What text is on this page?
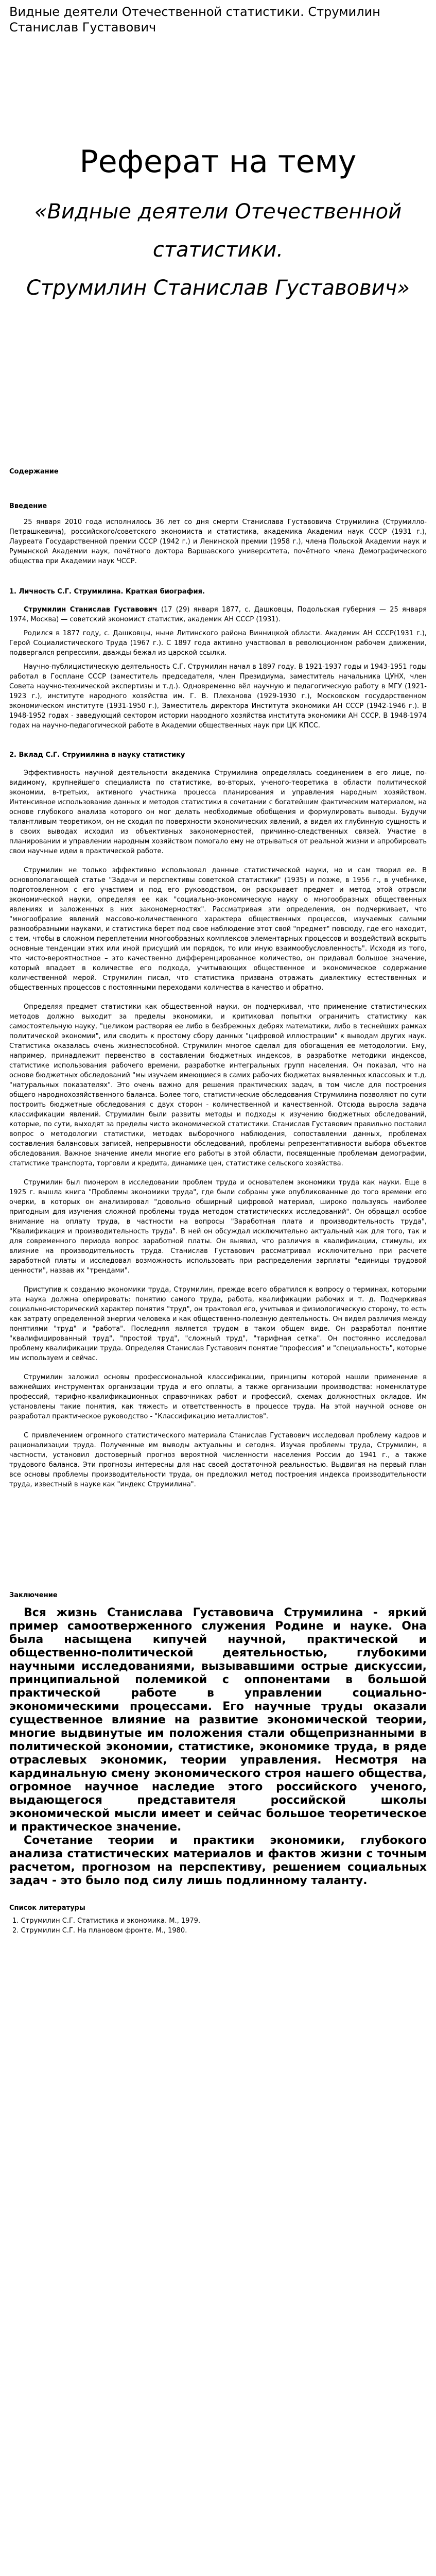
Видные деятели Отечественной статистики. Струмилин Станислав Густавович
Реферат на тему

«Видные деятели Отечественной статистики.

Струмилин Станислав Густавович»

Содержание

Введение

25 января 2010 года исполнилось 36 лет со дня смерти Станислава Густавовича Струмилина (Струмилло-Петрашкевича), российского/советского экономиста и статистика, академика Академии наук СССР (1931 г.), Лауреата Государственной премии СССР (1942 г.) и Ленинской премии (1958 г.), члена Польской Академии наук и Румынской Академии наук, почётного доктора Варшавского университета, почётного члена Демографического общества при Академии наук ЧССР.

1. Личность С.Г. Струмилина. Краткая биография.

Струмилин Станислав Густавович (17 (29) января 1877, с. Дашковцы, Подольская губерния — 25 января 1974, Москва) — советский экономист статистик, академик АН СССР (1931).

Родился в 1877 году, с. Дашковцы, ныне Литинского района Винницкой области. Академик АН СССР(1931 г.), Герой Социалистического Труда (1967 г.). С 1897 года активно участвовал в революционном рабочем движении, подвергался репрессиям, дважды бежал из царской ссылки.

Научно-публицистическую деятельность С.Г. Струмилин начал в 1897 году. В 1921-1937 годы и 1943-1951 годы работал в Госплане СССР (заместитель председателя, член Президиума, заместитель начальника ЦУНХ, член Совета научно-технической экспертизы и т.д.). Одновременно вёл научную и педагогическую работу в МГУ (1921-1923 г.), институте народного хозяйства им. Г. В. Плеханова (1929-1930 г.), Московском государственном экономическом институте (1931-1950 г.), Заместитель директора Института экономики АН СССР (1942-1946 г.). В 1948-1952 годах - заведующий сектором истории народного хозяйства института экономики АН СССР. В 1948-1974 годах на научно-педагогической работе в Академии общественных наук при ЦК КПСС.

2. Вклад С.Г. Струмилина в науку статистику

Эффективность научной деятельности академика Струмилина определялась соединением в его лице, по-видимому, крупнейшего специалиста по статистике, во-вторых, ученого-теоретика в области политической экономии, в-третьих, активного участника процесса планирования и управления народным хозяйством. Интенсивное использование данных и методов статистики в сочетании с богатейшим фактическим материалом, на основе глубокого анализа которого он мог делать необходимые обобщения и формулировать выводы. Будучи талантливым теоретиком, он не сходил по поверхности экономических явлений, а видел их глубинную сущность и в своих выводах исходил из объективных закономерностей, причинно-следственных связей. Участие в планировании и управлении народным хозяйством помогало ему не отрываться от реальной жизни и апробировать свои научные идеи в практической работе.

Струмилин не только эффективно использовал данные статистической науки, но и сам творил ее. В основополагающей статье "Задачи и перспективы советской статистики" (1935) и позже, в 1956 г., в учебнике, подготовленном с его участием и под его руководством, он раскрывает предмет и метод этой отрасли экономической науки, определяя ее как "социально-экономическую науку о многообразных общественных явлениях и заложенных в них закономерностях". Рассматривая эти определения, он подчеркивает, что "многообразие явлений массово-количественного характера общественных процессов, изучаемых самыми разнообразными науками, и статистика берет под свое наблюдение этот свой "предмет" повсюду, где его находит, с тем, чтобы в сложном переплетении многообразных комплексов элементарных процессов и воздействий вскрыть основные тенденции этих или иной присущий им порядок, то или иную взаимообусловленность". Исходя из того, что чисто-вероятностное – это качественно дифференцированное количество, он придавал большое значение, который впадает в количестве его подхода, учитывающих общественное и экономическое содержание количественной мерой. Струмилин писал, что статистика призвана отражать диалектику естественных и общественных процессов с постоянными переходами количества в качество и обратно.

Определяя предмет статистики как общественной науки, он подчеркивал, что применение статистических методов должно выходит за пределы экономики, и критиковал попытки ограничить статистику как самостоятельную науку, "целиком растворяя ее либо в безбрежных дебрях математики, либо в теснейших рамках политической экономии", или сводить к простому сбору данных "цифровой иллюстрации" к выводам других наук. Статистика оказалась очень жизнеспособной. Струмилин многое сделал для обогащения ее методологии. Ему, например, принадлежит первенство в составлении бюджетных индексов, в разработке методики индексов, статистике использования рабочего времени, разработке интегральных групп населения. Он показал, что на основе бюджетных обследований "мы изучаем имеющиеся в самих рабочих бюджетах выявленных классовых и т.д. "натуральных показателях". Это очень важно для решения практических задач, в том числе для построения общего народнохозяйственного баланса. Более того, статистические обследования Струмилина позволяют по сути построить бюджетные обследования с двух сторон - количественной и качественной. Отсюда выросла задача классификации явлений. Струмилин были развиты методы и подходы к изучению бюджетных обследований, которые, по сути, выходят за пределы чисто экономической статистики. Станислав Густавович правильно поставил вопрос о методологии статистики, методах выборочного наблюдения, сопоставлении данных, проблемах составления балансовых записей, непрерывности обследований, проблемы репрезентативности выбора объектов обследования. Важное значение имели многие его работы в этой области, посвященные проблемам демографии, статистике транспорта, торговли и кредита, динамике цен, статистике сельского хозяйства.

Струмилин был пионером в исследовании проблем труда и основателем экономики труда как науки. Еще в 1925 г. вышла книга "Проблемы экономики труда", где были собраны уже опубликованные до того времени его очерки, в которых он анализировал "довольно обширный цифровой материал, широко пользуясь наиболее пригодным для изучения сложной проблемы труда методом статистических исследований". Он обращал особое внимание на оплату труда, в частности на вопросы "Заработная плата и производительность труда", "Квалификация и производительность труда". В ней он обсуждал исключительно актуальный как для того, так и для современного периода вопрос заработной платы. Он выявил, что различия в квалификации, стимулы, их влияние на производительность труда. Станислав Густавович рассматривал исключительно при расчете заработной платы и исследовал возможность использовать при распределении зарплаты "единицы трудовой ценности", назвав их "трендами".

Приступив к созданию экономики труда, Струмилин, прежде всего обратился к вопросу о терминах, которыми эта наука должна оперировать: понятию самого труда, работа, квалификации рабочих и т. д. Подчеркивая социально-исторический характер понятия "труд", он трактовал его, учитывая и физиологическую сторону, то есть как затрату определенной энергии человека и как общественно-полезную деятельность. Он видел различия между понятиями "труд" и "работа". Последняя является трудом в таком общем виде. Он разработал понятие "квалифицированный труд", "простой труд", "сложный труд", "тарифная сетка". Он постоянно исследовал проблему квалификации труда. Определяя Станислав Густавович понятие "профессия" и "специальность", которые мы используем и сейчас.

Струмилин заложил основы профессиональной классификации, принципы которой нашли применение в важнейших инструментах организации труда и его оплаты, а также организации производства: номенклатуре профессий, тарифно-квалификационных справочниках работ и профессий, схемах должностных окладов. Им установлены такие понятия, как тяжесть и ответственность в процессе труда. На этой научной основе он разработал практическое руководство - "Классификацию металлистов".

С привлечением огромного статистического материала Станислав Густавович исследовал проблему кадров и рационализации труда. Полученные им выводы актуальны и сегодня. Изучая проблемы труда, Струмилин, в частности, установил достоверный прогноз вероятной численности населения России до 1941 г., а также трудового баланса. Эти прогнозы интересны для нас своей достаточной реальностью. Выдвигая на первый план все основы проблемы производительности труда, он предложил метод построения индекса производительности труда, известный в науке как "индекс Струмилина".

Заключение

Вся жизнь Станислава Густавовича Струмилина - яркий пример самоотверженного служения Родине и науке. Она была насыщена кипучей научной, практической и общественно-политической деятельностью, глубокими научными исследованиями, вызывавшими острые дискуссии, принципиальной полемикой с оппонентами в большой практической работе в управлении социально-экономическими процессами. Его научные труды оказали существенное влияние на развитие экономической теории, многие выдвинутые им положения стали общепризнанными в политической экономии, статистике, экономике труда, в ряде отраслевых экономик, теории управления. Несмотря на кардинальную смену экономического строя нашего общества, огромное научное наследие этого российского ученого, выдающегося представителя российской школы экономической мысли имеет и сейчас большое теоретическое и практическое значение.

Сочетание теории и практики экономики, глубокого анализа статистических материалов и фактов жизни с точным расчетом, прогнозом на перспективу, решением социальных задач - это было под силу лишь подлинному таланту.

Список литературы

1. Струмилин С.Г. Статистика и экономика. М., 1979.

2. Струмилин С.Г. На плановом фронте. М., 1980.
